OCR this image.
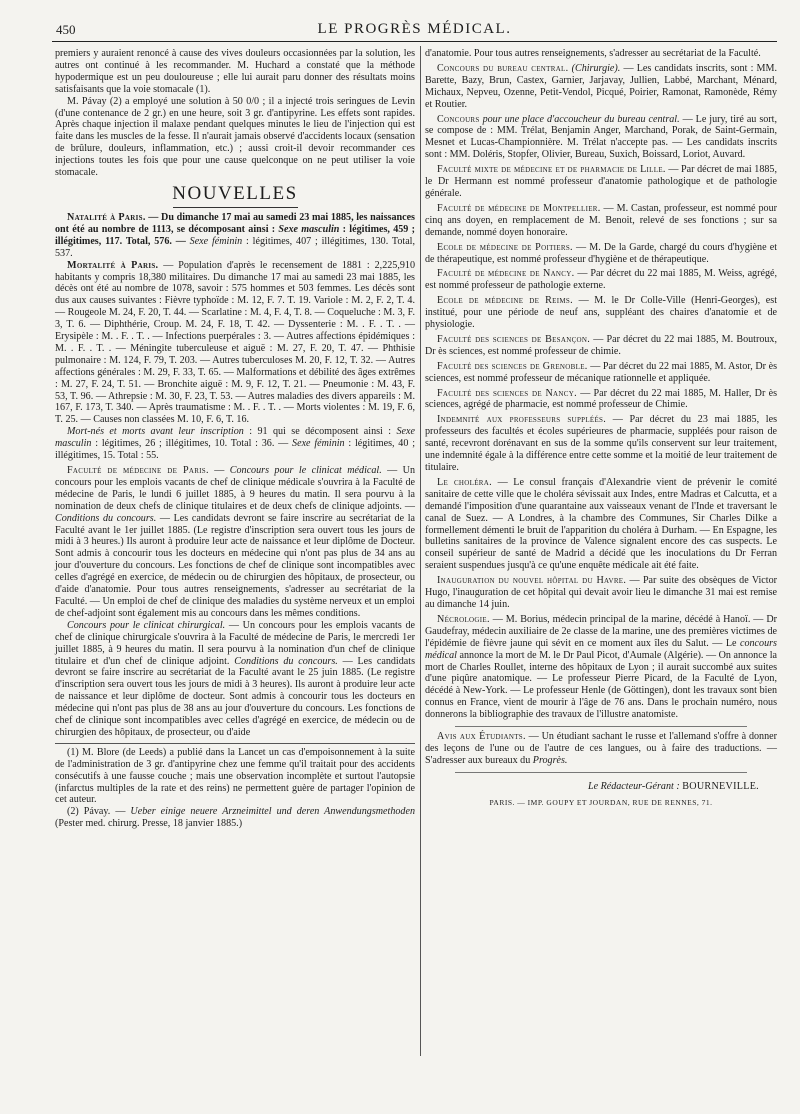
450	LE PROGRÈS MÉDICAL.

premiers y auraient renoncé à cause des vives douleurs occasionnées par la solution, les autres ont continué à les recommander. M. Huchard a constaté que la méthode hypodermique est un peu douloureuse ; elle lui aurait paru donner des résultats moins satisfaisants que la voie stomacale (1).

M. Pávay (2) a employé une solution à 50 0/0 ; il a injecté trois seringues de Levin (d'une contenance de 2 gr.) en une heure, soit 3 gr. d'antipyrine. Les effets sont rapides. Après chaque injection il malaxe pendant quelques minutes le lieu de l'injection qui est faite dans les muscles de la fesse. Il n'aurait jamais observé d'accidents locaux (sensation de brûlure, douleurs, inflammation, etc.) ; aussi croit-il devoir recommander ces injections toutes les fois que pour une cause quelconque on ne peut utiliser la voie stomacale.

NOUVELLES

Natalité à Paris. — Du dimanche 17 mai au samedi 23 mai 1885, les naissances ont été au nombre de 1113, se décomposant ainsi : Sexe masculin : légitimes, 459 ; illégitimes, 117. Total, 576. — Sexe féminin : légitimes, 407 ; illégitimes, 130. Total, 537.

Mortalité à Paris. — Population d'après le recensement de 1881 : 2,225,910 habitants y compris 18,380 militaires. Du dimanche 17 mai au samedi 23 mai 1885, les décès ont été au nombre de 1078, savoir : 575 hommes et 503 femmes. Les décès sont dus aux causes suivantes : Fièvre typhoïde : M. 12, F. 7. T. 19. Variole : M. 2, F. 2, T. 4. — Rougeole M. 24, F. 20, T. 44. — Scarlatine : M. 4, F. 4, T. 8. — Coqueluche : M. 3, F. 3, T. 6. — Diphthérie, Croup. M. 24, F. 18, T. 42. — Dyssenterie : M. . F. . T. . — Erysipèle : M. . F. . T. . — Infections puerpérales : 3. — Autres affections épidémiques : M. . F. . T. . — Méningite tuberculeuse et aiguë : M. 27, F. 20, T. 47. — Phthisie pulmonaire : M. 124, F. 79, T. 203. — Autres tuberculoses M. 20, F. 12, T. 32. — Autres affections générales : M. 29, F. 33, T. 65. — Malformations et débilité des âges extrêmes : M. 27, F. 24, T. 51. — Bronchite aiguë : M. 9, F. 12, T. 21. — Pneumonie : M. 43, F. 53, T. 96. — Athrepsie : M. 30, F. 23, T. 53. — Autres maladies des divers appareils : M. 167, F. 173, T. 340. — Après traumatisme : M. . F. . T. . — Morts violentes : M. 19, F. 6, T. 25. — Causes non classées M. 10, F. 6, T. 16.

Mort-nés et morts avant leur inscription : 91 qui se décomposent ainsi : Sexe masculin : légitimes, 26 ; illégitimes, 10. Total : 36. — Sexe féminin : légitimes, 40 ; illégitimes, 15. Total : 55.

Faculté de médecine de Paris. — Concours pour le clinicat médical. — Un concours pour les emplois vacants de chef de clinique médicale s'ouvrira à la Faculté de médecine de Paris, le lundi 6 juillet 1885, à 9 heures du matin. Il sera pourvu à la nomination de deux chefs de clinique titulaires et de deux chefs de clinique adjoints. — Conditions du concours. — Les candidats devront se faire inscrire au secrétariat de la Faculté avant le 1er juillet 1885. (Le registre d'inscription sera ouvert tous les jours de midi à 3 heures.) Ils auront à produire leur acte de naissance et leur diplôme de Docteur. Sont admis à concourir tous les docteurs en médecine qui n'ont pas plus de 34 ans au jour d'ouverture du concours. Les fonctions de chef de clinique sont incompatibles avec celles d'agrégé en exercice, de médecin ou de chirurgien des hôpitaux, de prosecteur, ou d'aide d'anatomie. Pour tous autres renseignements, s'adresser au secrétariat de la Faculté. — Un emploi de chef de clinique des maladies du système nerveux et un emploi de chef-adjoint sont également mis au concours dans les mêmes conditions.

Concours pour le clinicat chirurgical. — Un concours pour les emplois vacants de chef de clinique chirurgicale s'ouvrira à la Faculté de médecine de Paris, le mercredi 1er juillet 1885, à 9 heures du matin. Il sera pourvu à la nomination d'un chef de clinique titulaire et d'un chef de clinique adjoint. Conditions du concours. — Les candidats devront se faire inscrire au secrétariat de la Faculté avant le 25 juin 1885. (Le registre d'inscription sera ouvert tous les jours de midi à 3 heures). Ils auront à produire leur acte de naissance et leur diplôme de docteur. Sont admis à concourir tous les docteurs en médecine qui n'ont pas plus de 38 ans au jour d'ouverture du concours. Les fonctions de chef de clinique sont incompatibles avec celles d'agrégé en exercice, de médecin ou de chirurgien des hôpitaux, de prosecteur, ou d'aide

(1) M. Blore (de Leeds) a publié dans la Lancet un cas d'empoisonnement à la suite de l'administration de 3 gr. d'antipyrine chez une femme qu'il traitait pour des accidents consécutifs à une fausse couche ; mais une observation incomplète et surtout l'autopsie (infarctus multiples de la rate et des reins) ne permettent guère de partager l'opinion de cet auteur.

(2) Pávay. — Ueber einige neuere Arzneimittel und deren Anwendungsmethoden (Pester med. chirurg. Presse, 18 janvier 1885.)

d'anatomie. Pour tous autres renseignements, s'adresser au secrétariat de la Faculté.

Concours du bureau central. (Chirurgie). — Les candidats inscrits, sont : MM. Barette, Bazy, Brun, Castex, Garnier, Jarjavay, Jullien, Labbé, Marchant, Ménard, Michaux, Nepveu, Ozenne, Petit-Vendol, Picqué, Poirier, Ramonat, Ramonède, Rémy et Routier.

Concours pour une place d'accoucheur du bureau central. — Le jury, tiré au sort, se compose de : MM. Trélat, Benjamin Anger, Marchand, Porak, de Saint-Germain, Mesnet et Lucas-Championnière. M. Trélat n'accepte pas. — Les candidats inscrits sont : MM. Doléris, Stopfer, Olivier, Bureau, Suxich, Boissard, Loriot, Auvard.

Faculté mixte de médecine et de pharmacie de Lille. — Par décret de mai 1885, le Dr Hermann est nommé professeur d'anatomie pathologique et de pathologie générale.

Faculté de médecine de Montpellier. — M. Castan, professeur, est nommé pour cinq ans doyen, en remplacement de M. Benoit, relevé de ses fonctions ; sur sa demande, nommé doyen honoraire.

Ecole de médecine de Poitiers. — M. De la Garde, chargé du cours d'hygiène et de thérapeutique, est nommé professeur d'hygiène et de thérapeutique.

Faculté de médecine de Nancy. — Par décret du 22 mai 1885, M. Weiss, agrégé, est nommé professeur de pathologie externe.

Ecole de médecine de Reims. — M. le Dr Colle-Ville (Henri-Georges), est institué, pour une période de neuf ans, suppléant des chaires d'anatomie et de physiologie.

Faculté des sciences de Besançon. — Par décret du 22 mai 1885, M. Boutroux, Dr ès sciences, est nommé professeur de chimie.

Faculté des sciences de Grenoble. — Par décret du 22 mai 1885, M. Astor, Dr ès sciences, est nommé professeur de mécanique rationnelle et appliquée.

Faculté des sciences de Nancy. — Par décret du 22 mai 1885, M. Haller, Dr ès sciences, agrégé de pharmacie, est nommé professeur de Chimie.

Indemnité aux professeurs suppléés. — Par décret du 23 mai 1885, les professeurs des facultés et écoles supérieures de pharmacie, suppléés pour raison de santé, recevront dorénavant en sus de la somme qu'ils conservent sur leur traitement, une indemnité égale à la différence entre cette somme et la moitié de leur traitement de titulaire.

Le choléra. — Le consul français d'Alexandrie vient de prévenir le comité sanitaire de cette ville que le choléra sévissait aux Indes, entre Madras et Calcutta, et a demandé l'imposition d'une quarantaine aux vaisseaux venant de l'Inde et traversant le canal de Suez. — A Londres, à la chambre des Communes, Sir Charles Dilke a formellement démenti le bruit de l'apparition du choléra à Durham. — En Espagne, les bulletins sanitaires de la province de Valence signalent encore des cas suspects. Le conseil supérieur de santé de Madrid a décidé que les inoculations du Dr Ferran seraient suspendues jusqu'à ce qu'une enquête médicale ait été faite.

Inauguration du nouvel hôpital du Havre. — Par suite des obsèques de Victor Hugo, l'inauguration de cet hôpital qui devait avoir lieu le dimanche 31 mai est remise au dimanche 14 juin.

Nécrologie. — M. Borius, médecin principal de la marine, décédé à Hanoï. — Dr Gaudefray, médecin auxiliaire de 2e classe de la marine, une des premières victimes de l'épidémie de fièvre jaune qui sévit en ce moment aux îles du Salut. — Le concours médical annonce la mort de M. le Dr Paul Picot, d'Aumale (Algérie). — On annonce la mort de Charles Roullet, interne des hôpitaux de Lyon ; il aurait succombé aux suites d'une piqûre anatomique. — Le professeur Pierre Picard, de la Faculté de Lyon, décédé à New-York. — Le professeur Henle (de Göttingen), dont les travaux sont bien connus en France, vient de mourir à l'âge de 76 ans. Dans le prochain numéro, nous donnerons la bibliographie des travaux de l'illustre anatomiste.

Avis aux Étudiants. — Un étudiant sachant le russe et l'allemand s'offre à donner des leçons de l'une ou de l'autre de ces langues, ou à faire des traductions. — S'adresser aux bureaux du Progrès.

Le Rédacteur-Gérant : BOURNEVILLE.
PARIS. — IMP. GOUPY ET JOURDAN, RUE DE RENNES, 71.
